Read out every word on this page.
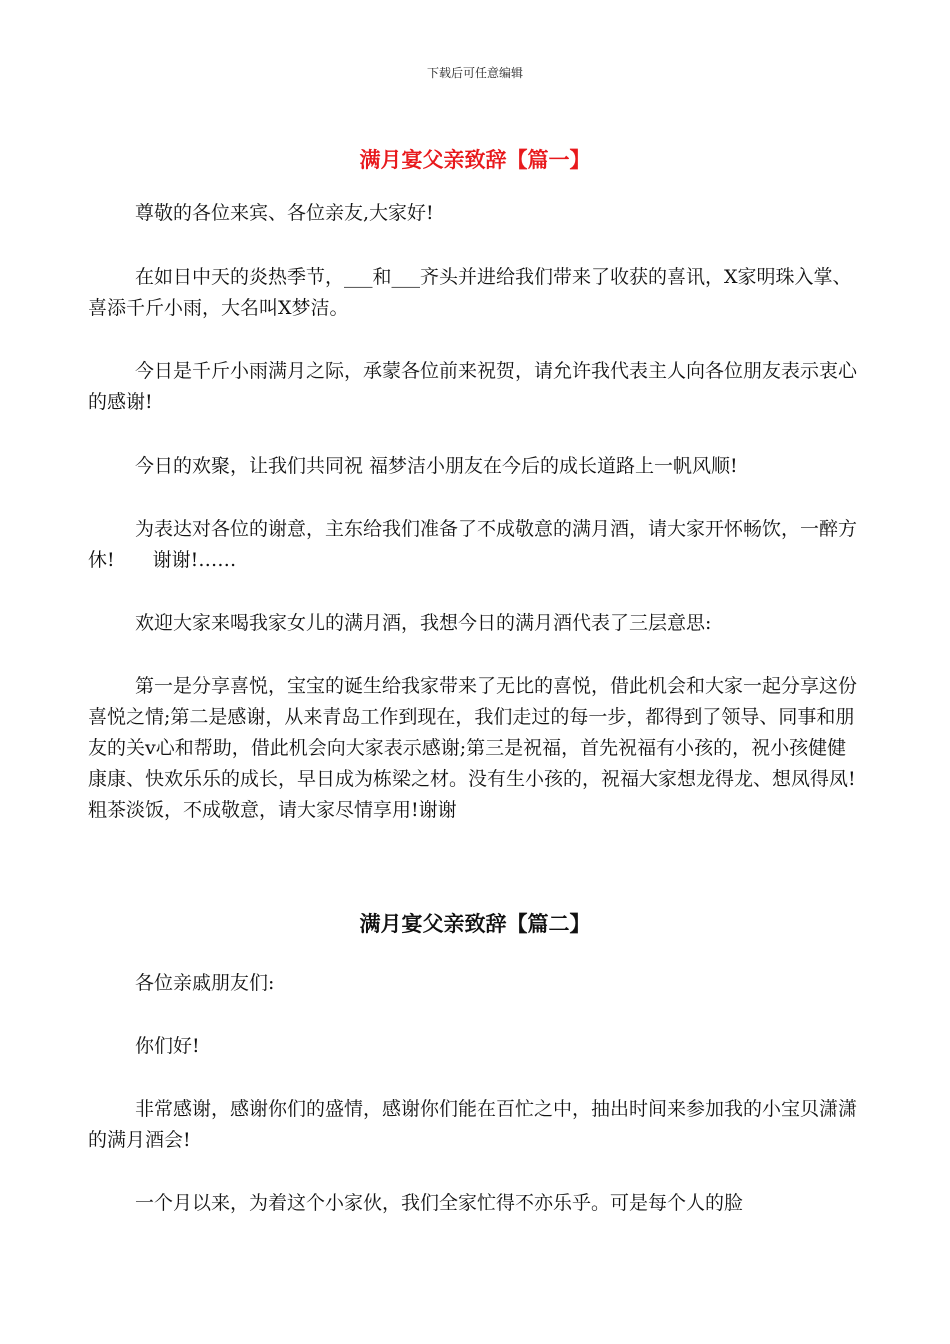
下载后可任意编辑
满月宴父亲致辞【篇一】

尊敬的各位来宾、各位亲友,大家好!

在如日中天的炎热季节，___和___齐头并进给我们带来了收获的喜讯，X家明珠入掌、喜添千斤小雨，大名叫X梦洁。

今日是千斤小雨满月之际，承蒙各位前来祝贺，请允许我代表主人向各位朋友表示衷心的感谢!

今日的欢聚，让我们共同祝 福梦洁小朋友在今后的成长道路上一帆风顺!

为表达对各位的谢意，主东给我们准备了不成敬意的满月酒，请大家开怀畅饮，一醉方休!　　谢谢!……

欢迎大家来喝我家女儿的满月酒，我想今日的满月酒代表了三层意思:

第一是分享喜悦，宝宝的诞生给我家带来了无比的喜悦，借此机会和大家一起分享这份喜悦之情;第二是感谢，从来青岛工作到现在，我们走过的每一步，都得到了领导、同事和朋友的关ⅴ心和帮助，借此机会向大家表示感谢;第三是祝福，首先祝福有小孩的，祝小孩健健康康、快欢乐乐的成长，早日成为栋梁之材。没有生小孩的，祝福大家想龙得龙、想凤得凤!粗茶淡饭，不成敬意，请大家尽情享用!谢谢

满月宴父亲致辞【篇二】

各位亲戚朋友们:

你们好!

非常感谢，感谢你们的盛情，感谢你们能在百忙之中，抽出时间来参加我的小宝贝潇潇的满月酒会!

一个月以来，为着这个小家伙，我们全家忙得不亦乐乎。可是每个人的脸
